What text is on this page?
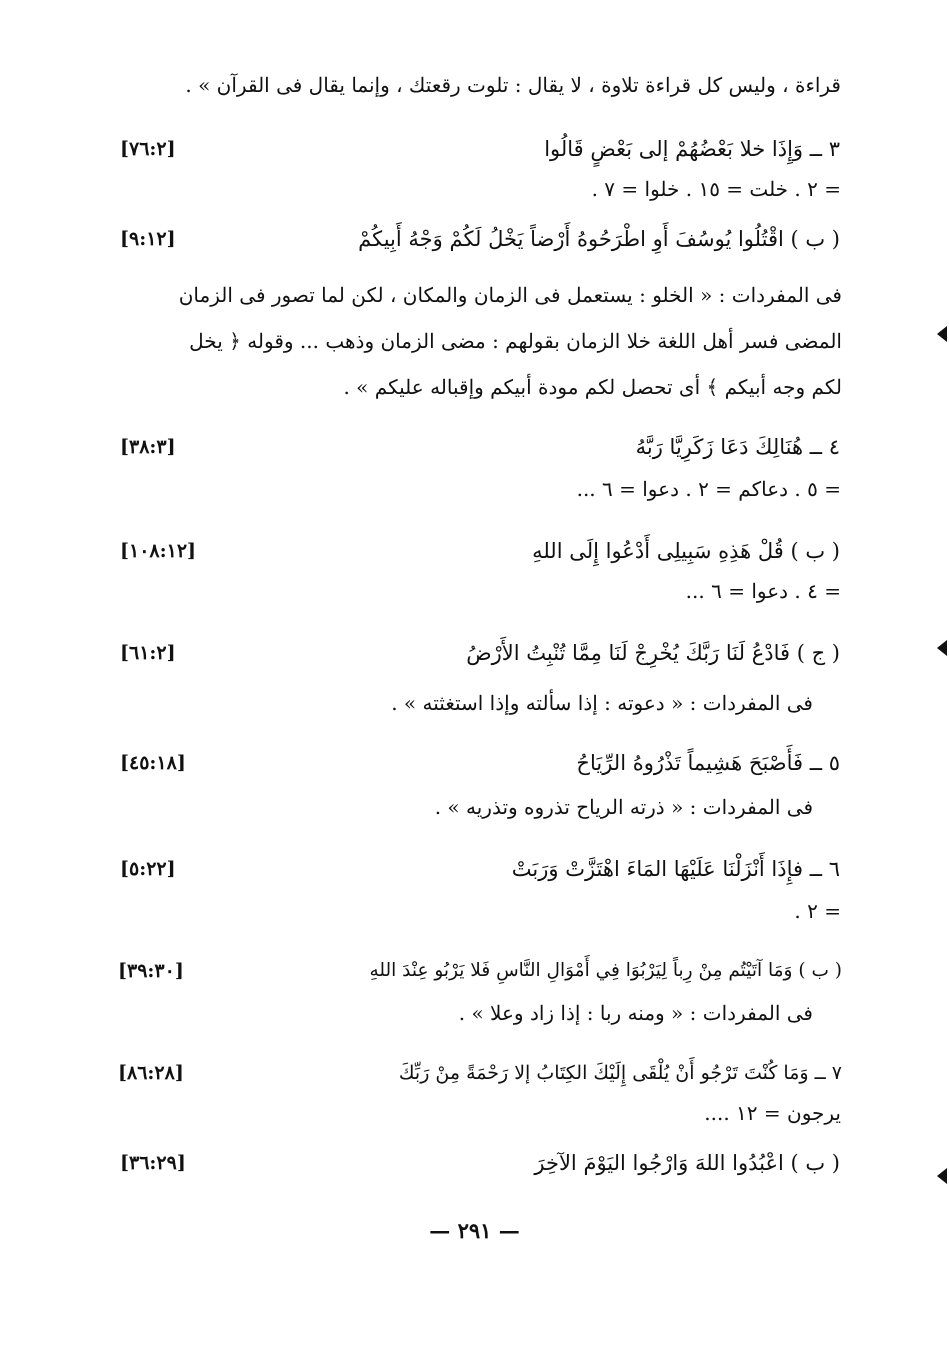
قراءة ، وليس كل قراءة تلاوة ، لا يقال : تلوت رقعتك ، وإنما يقال فى القرآن » .
٣ ــ وَإِذَا خلا بَعْضُهُمْ إلى بَعْضٍ قَالُوا
[٧٦:٢]
= ٢ . خلت = ١٥ . خلوا = ٧ .
( ب ) اقْتُلُوا يُوسُفَ أَوِ اطْرَحُوهُ أَرْضاً يَخْلُ لَكُمْ وَجْهُ أَبِيكُمْ
[٩:١٢]
فى المفردات : « الخلو : يستعمل فى الزمان والمكان ، لكن لما تصور فى الزمان
المضى فسر أهل اللغة خلا الزمان بقولهم : مضى الزمان وذهب ... وقوله ﴿ يخل
لكم وجه أبيكم ﴾ أى تحصل لكم مودة أبيكم وإقباله عليكم » .
٤ ــ هُنَالِكَ دَعَا زَكَرِيَّا رَبَّهُ
[٣٨:٣]
= ٥ . دعاكم = ٢ . دعوا = ٦ ...
( ب ) قُلْ هَذِهِ سَبِيلِى أَدْعُوا إِلَى اللهِ
[١٠٨:١٢]
= ٤ . دعوا = ٦ ...
( ج ) فَادْعُ لَنَا رَبَّكَ يُخْرِجْ لَنَا مِمَّا تُنْبِتُ الأَرْضُ
[٦١:٢]
فى المفردات : « دعوته : إذا سألته وإذا استغثته » .
٥ ــ فَأَصْبَحَ هَشِيماً تَذْرُوهُ الرِّيَاحُ
[٤٥:١٨]
فى المفردات : « ذرته الرياح تذروه وتذريه » .
٦ ــ فإِذَا أَنْزَلْنَا عَلَيْهَا المَاءَ اهْتَزَّتْ وَرَبَتْ
[٥:٢٢]
= ٢ .
( ب ) وَمَا آتَيْتُم مِنْ رِباً لِيَرْبُوَا فِي أَمْوَالِ النَّاسِ فَلا يَرْبُو عِنْدَ اللهِ
[٣٩:٣٠]
فى المفردات : « ومنه ربا : إذا زاد وعلا » .
٧ ــ وَمَا كُنْتَ تَرْجُو أَنْ يُلْقَى إِلَيْكَ الكِتَابُ إلا رَحْمَةً مِنْ رَبِّكَ
[٨٦:٢٨]
يرجون = ١٢ ....
( ب ) اعْبُدُوا اللهَ وَارْجُوا اليَوْمَ الآخِرَ
[٣٦:٢٩]
— ٢٩١ —
